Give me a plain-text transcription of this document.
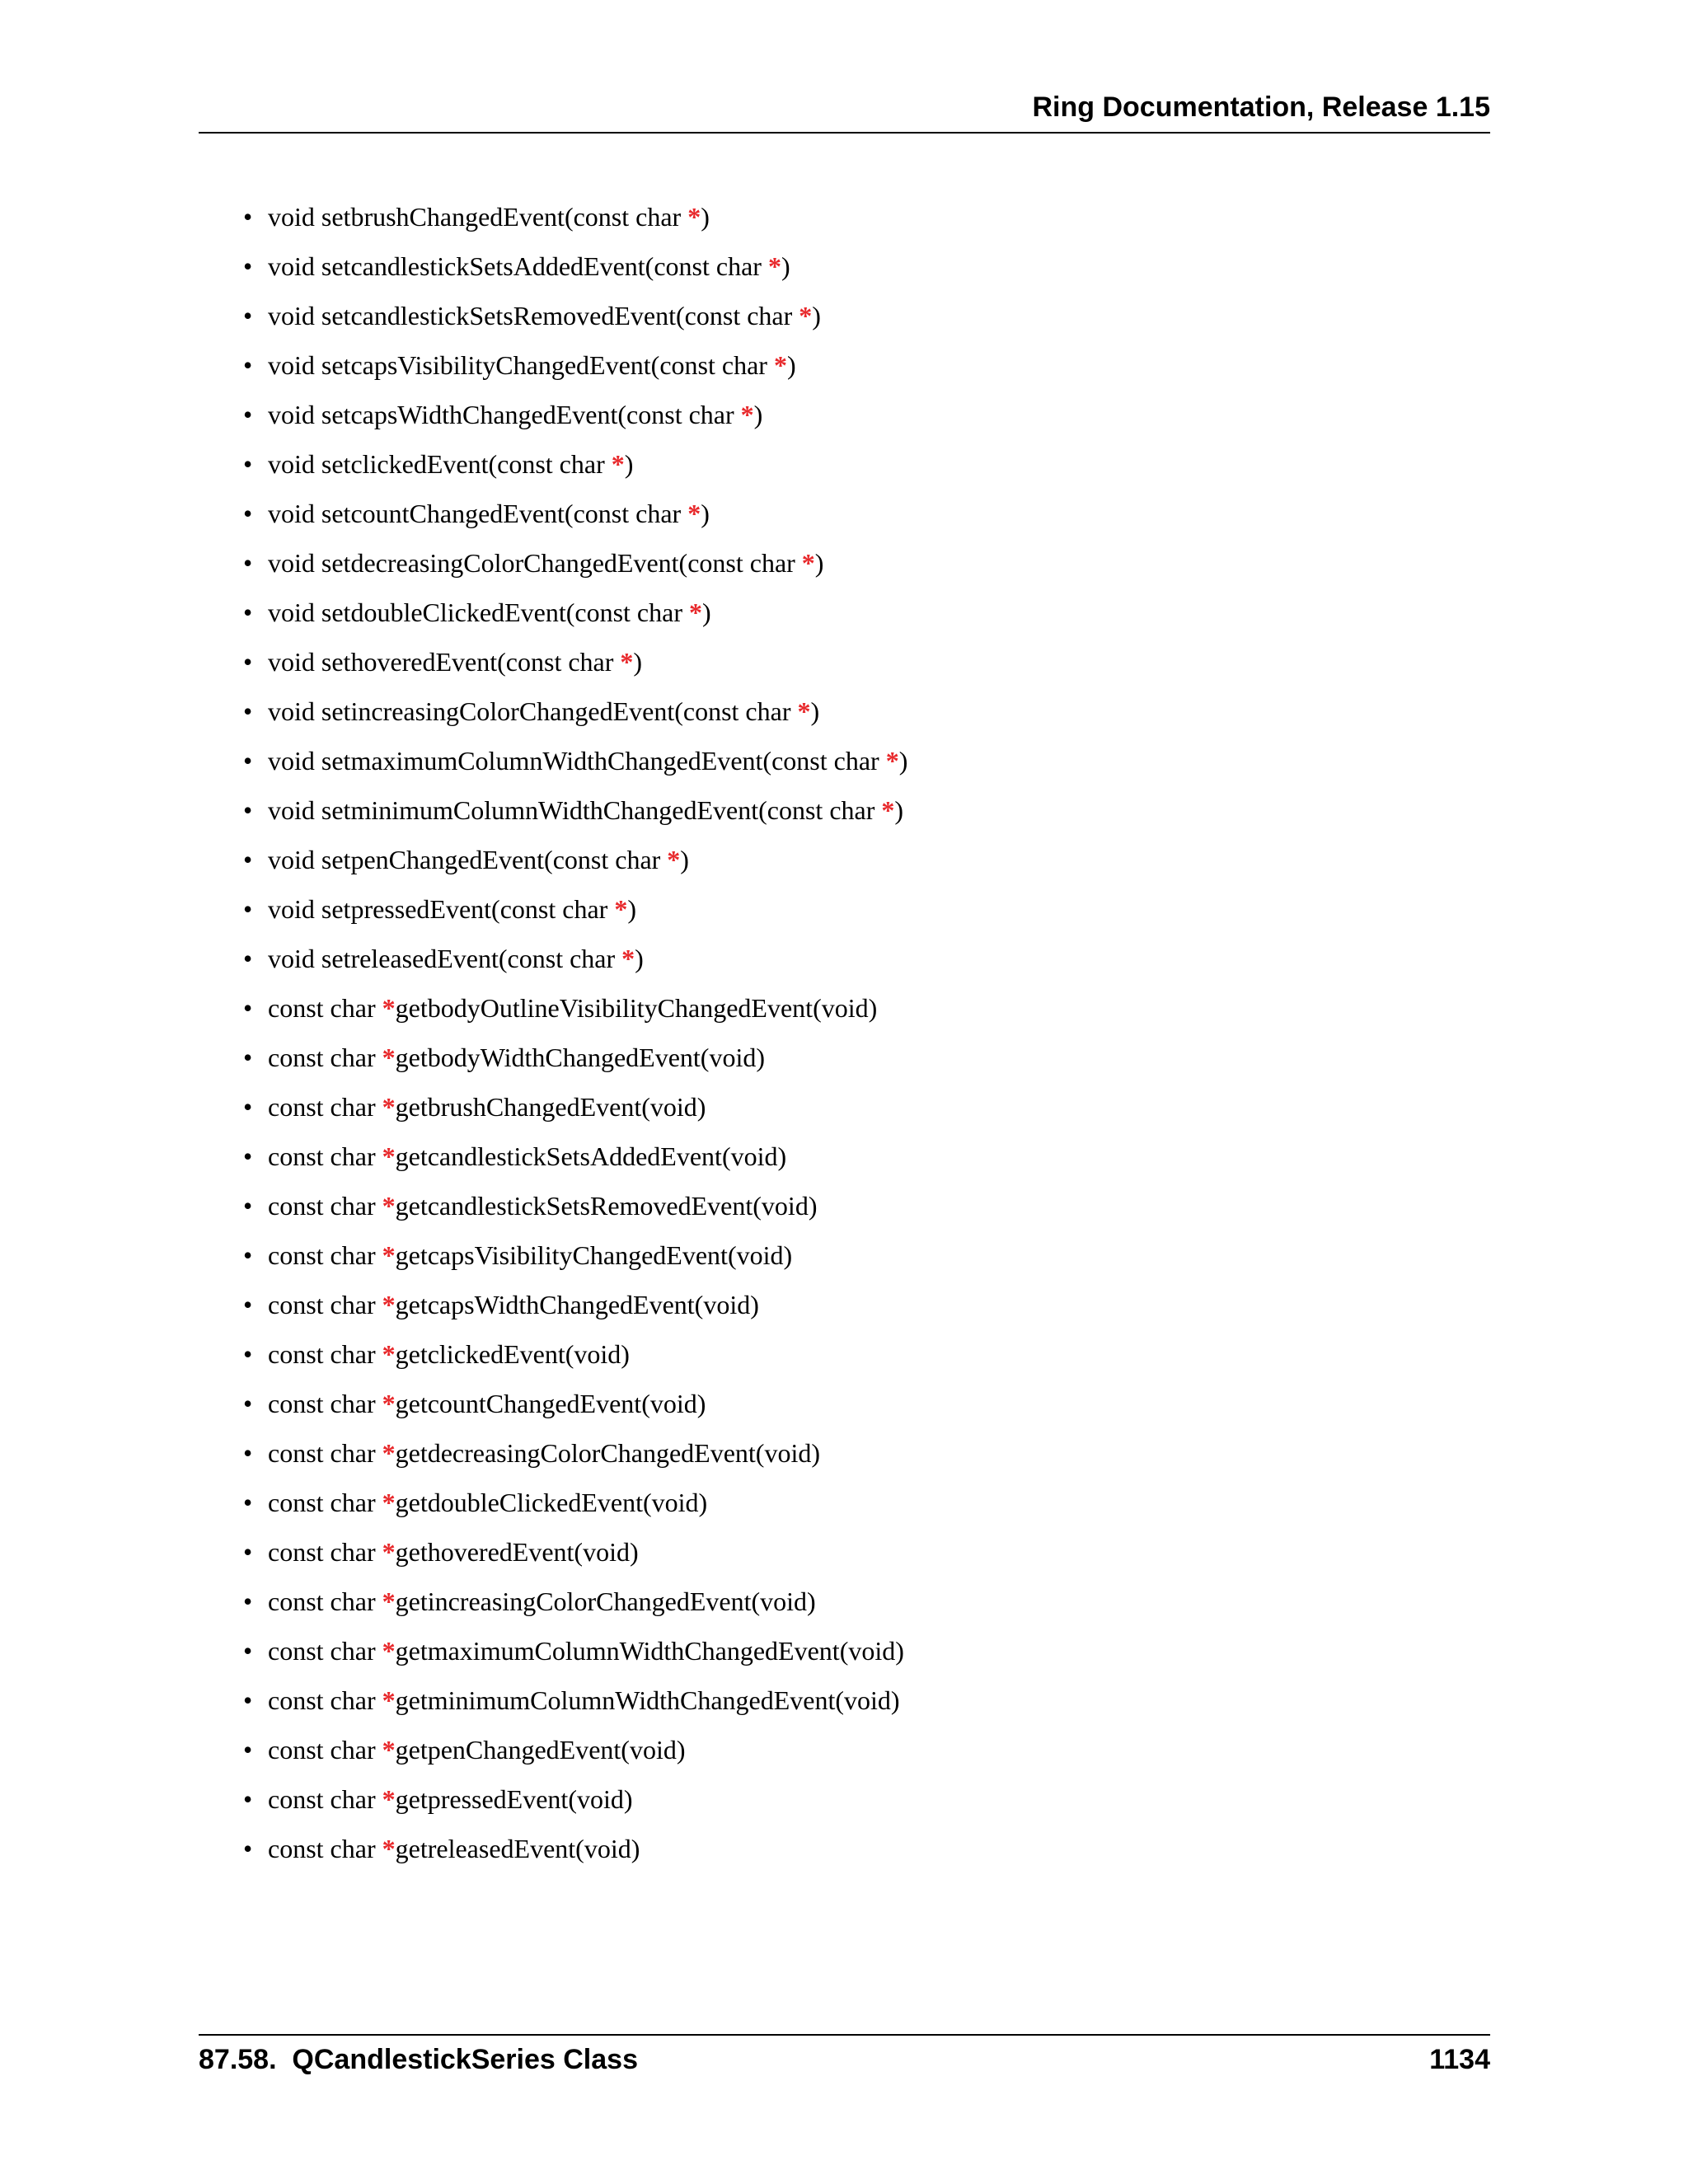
Ring Documentation, Release 1.15
• void setbrushChangedEvent(const char *)
• void setcandlestickSetsAddedEvent(const char *)
• void setcandlestickSetsRemovedEvent(const char *)
• void setcapsVisibilityChangedEvent(const char *)
• void setcapsWidthChangedEvent(const char *)
• void setclickedEvent(const char *)
• void setcountChangedEvent(const char *)
• void setdecreasingColorChangedEvent(const char *)
• void setdoubleClickedEvent(const char *)
• void sethoveredEvent(const char *)
• void setincreasingColorChangedEvent(const char *)
• void setmaximumColumnWidthChangedEvent(const char *)
• void setminimumColumnWidthChangedEvent(const char *)
• void setpenChangedEvent(const char *)
• void setpressedEvent(const char *)
• void setreleasedEvent(const char *)
• const char *getbodyOutlineVisibilityChangedEvent(void)
• const char *getbodyWidthChangedEvent(void)
• const char *getbrushChangedEvent(void)
• const char *getcandlestickSetsAddedEvent(void)
• const char *getcandlestickSetsRemovedEvent(void)
• const char *getcapsVisibilityChangedEvent(void)
• const char *getcapsWidthChangedEvent(void)
• const char *getclickedEvent(void)
• const char *getcountChangedEvent(void)
• const char *getdecreasingColorChangedEvent(void)
• const char *getdoubleClickedEvent(void)
• const char *gethoveredEvent(void)
• const char *getincreasingColorChangedEvent(void)
• const char *getmaximumColumnWidthChangedEvent(void)
• const char *getminimumColumnWidthChangedEvent(void)
• const char *getpenChangedEvent(void)
• const char *getpressedEvent(void)
• const char *getreleasedEvent(void)
87.58.  QCandlestickSeries Class	1134
